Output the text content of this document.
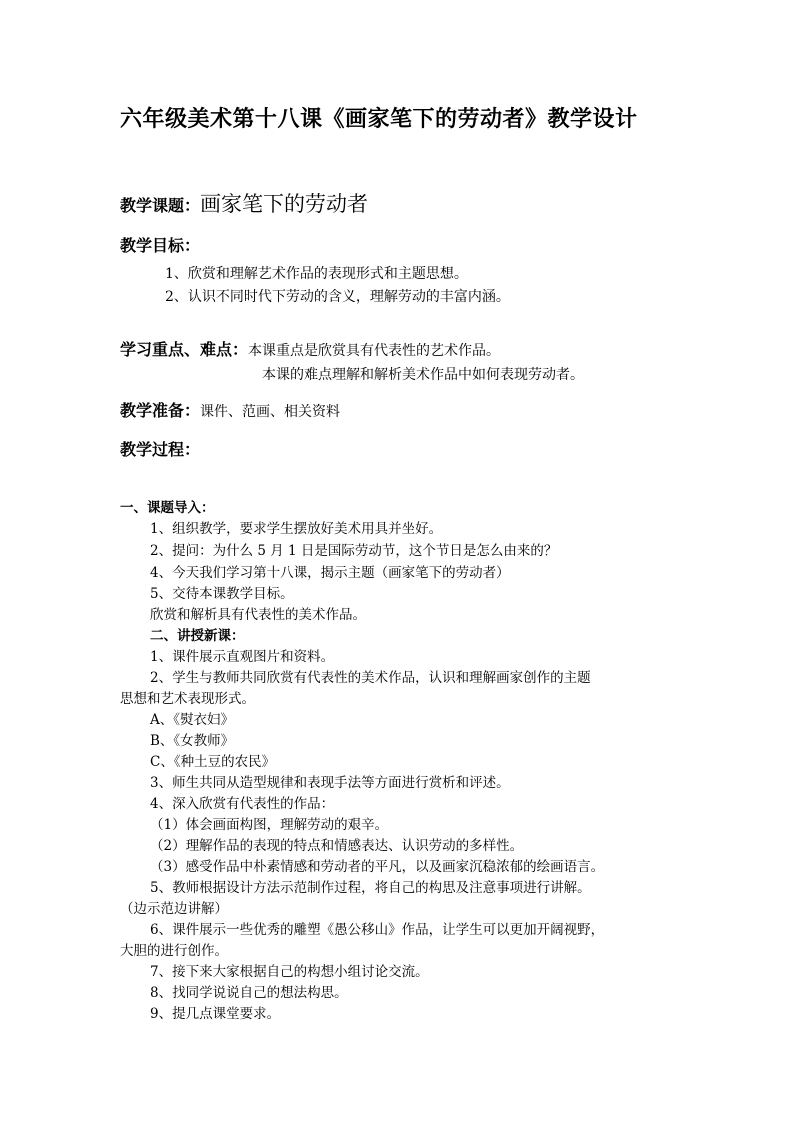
六年级美术第十八课《画家笔下的劳动者》教学设计
教学课题：画家笔下的劳动者
教学目标：
1、欣赏和理解艺术作品的表现形式和主题思想。
2、认识不同时代下劳动的含义，理解劳动的丰富内涵。
学习重点、难点：本课重点是欣赏具有代表性的艺术作品。
本课的难点理解和解析美术作品中如何表现劳动者。
教学准备：课件、范画、相关资料
教学过程：
一、课题导入：
1、组织教学，要求学生摆放好美术用具并坐好。
2、提问：为什么 5 月 1 日是国际劳动节，这个节日是怎么由来的？
4、今天我们学习第十八课，揭示主题（画家笔下的劳动者）
5、交待本课教学目标。
欣赏和解析具有代表性的美术作品。
二、讲授新课：
1、课件展示直观图片和资料。
2、学生与教师共同欣赏有代表性的美术作品，认识和理解画家创作的主题
思想和艺术表现形式。
A、《熨衣妇》
B、《女教师》
C、《种土豆的农民》
3、师生共同从造型规律和表现手法等方面进行赏析和评述。
4、深入欣赏有代表性的作品：
（1）体会画面构图，理解劳动的艰辛。
（2）理解作品的表现的特点和情感表达、认识劳动的多样性。
（3）感受作品中朴素情感和劳动者的平凡，以及画家沉稳浓郁的绘画语言。
5、教师根据设计方法示范制作过程，将自己的构思及注意事项进行讲解。
（边示范边讲解）
6、课件展示一些优秀的雕塑《愚公移山》作品，让学生可以更加开阔视野，
大胆的进行创作。
7、接下来大家根据自己的构想小组讨论交流。
8、找同学说说自己的想法构思。
9、提几点课堂要求。
